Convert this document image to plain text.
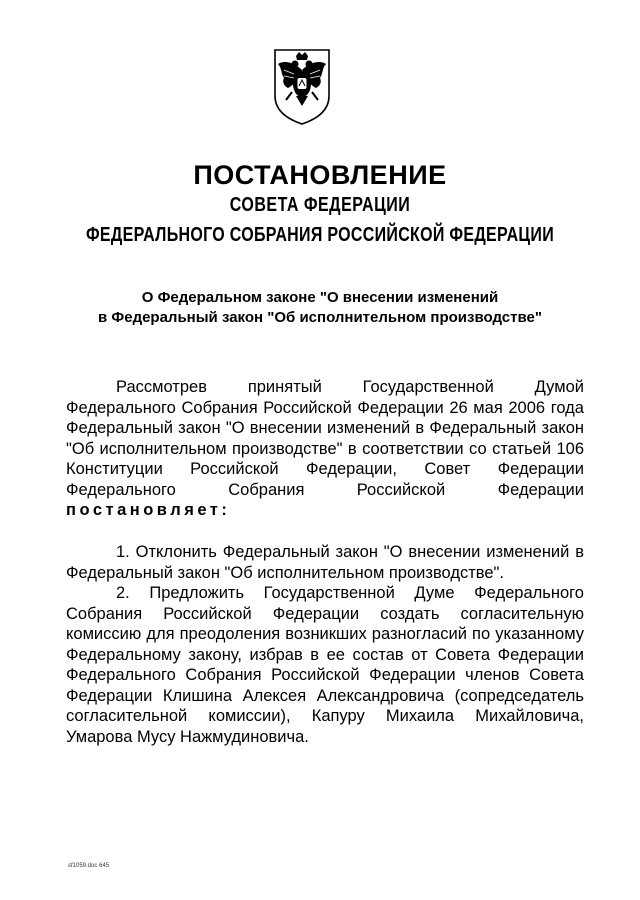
ПОСТАНОВЛЕНИЕ
СОВЕТА ФЕДЕРАЦИИ
ФЕДЕРАЛЬНОГО СОБРАНИЯ РОССИЙСКОЙ ФЕДЕРАЦИИ
О Федеральном законе "О внесении изменений
в Федеральный закон "Об исполнительном производстве"
Рассмотрев принятый Государственной Думой Федерального Собрания Российской Федерации 26 мая 2006 года Федеральный закон "О внесении изменений в Федеральный закон "Об исполнительном производстве" в соответствии со статьей 106 Конституции Российской Федерации, Совет Федерации Федерального Собрания Российской Федерации постановляет:
1. Отклонить Федеральный закон "О внесении изменений в Федеральный закон "Об исполнительном производстве".
2. Предложить Государственной Думе Федерального Собрания Российской Федерации создать согласительную комиссию для преодоления возникших разногласий по указанному Федеральному закону, избрав в ее состав от Совета Федерации Федерального Собрания Российской Федерации членов Совета Федерации Клишина Алексея Александровича (сопредседатель согласительной комиссии), Капуру Михаила Михайловича, Умарова Мусу Нажмудиновича.
sf1059.doc 645
